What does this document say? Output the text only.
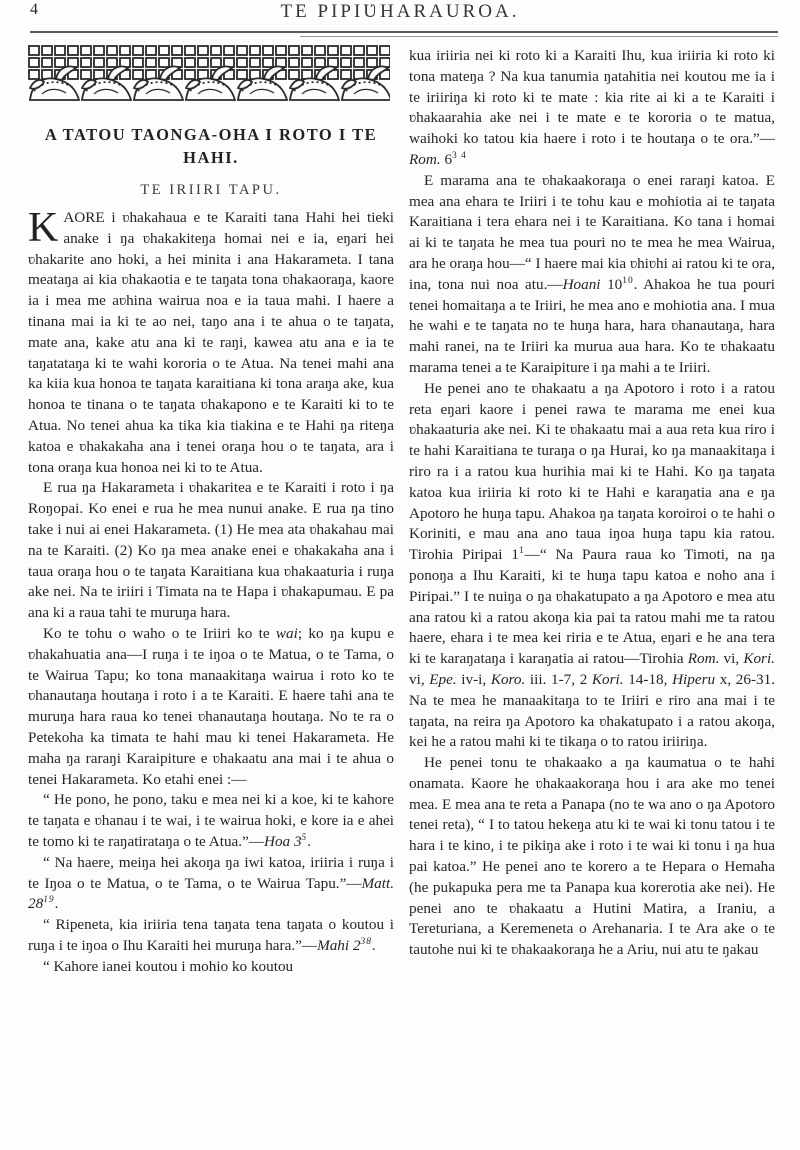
4	TE PIPIƲHARAUROA.
A TATOU TAONGA-OHA I ROTO I TE HAHI.
TE IRIIRI TAPU.

KAORE i ʋhakahaua e te Karaiti tana Hahi hei tieki anake i ŋa ʋhakakiteŋa homai nei e ia, eŋari hei ʋhakarite ano hoki, a hei minita i ana Hakarameta. I tana meataŋa ai kia ʋhakaotia e te taŋata tona ʋhakaoraŋa, kaore ia i mea me aʋhina wairua noa e ia taua mahi. I haere a tinana mai ia ki te ao nei, taŋo ana i te ahua o te taŋata, mate ana, kake atu ana ki te raŋi, kawea atu ana e ia te taŋatataŋa ki te wahi kororia o te Atua. Na tenei mahi ana ka kiia kua honoa te taŋata karaitiana ki tona araŋa ake, kua honoa te tinana o te taŋata ʋhakapono e te Karaiti ki to te Atua. No tenei ahua ka tika kia tiakina e te Hahi ŋa riteŋa katoa e ʋhakakaha ana i tenei oraŋa hou o te taŋata, ara i tona oraŋa kua honoa nei ki to te Atua.

E rua ŋa Hakarameta i ʋhakaritea e te Karaiti i roto i ŋa Roŋopai. Ko enei e rua he mea nunui anake. E rua ŋa tino take i nui ai enei Hakarameta. (1) He mea ata ʋhakahau mai na te Karaiti. (2) Ko ŋa mea anake enei e ʋhakakaha ana i taua oraŋa hou o te taŋata Karaitiana kua ʋhakaaturia i ruŋa ake nei. Na te iriiri i Timata na te Hapa i ʋhakapumau. E pa ana ki a raua tahi te muruŋa hara.

Ko te tohu o waho o te Iriiri ko te wai; ko ŋa kupu e ʋhakahuatia ana—I ruŋa i te iŋoa o te Matua, o te Tama, o te Wairua Tapu; ko tona manaakitaŋa wairua i roto ko te ʋhanautaŋa houtaŋa i roto i a te Karaiti. E haere tahi ana te muruŋa hara raua ko tenei ʋhanautaŋa houtaŋa. No te ra o Petekoha ka timata te hahi mau ki tenei Hakarameta. He maha ŋa raraŋi Karaipiture e ʋhakaatu ana mai i te ahua o tenei Hakarameta. Ko etahi enei :—

“ He pono, he pono, taku e mea nei ki a koe, ki te kahore te taŋata e ʋhanau i te wai, i te wairua hoki, e kore ia e ahei te tomo ki te raŋatirataŋa o te Atua.”—Hoa $3^5$.

“ Na haere, meiŋa hei akoŋa ŋa iwi katoa, iriiria i ruŋa i te Iŋoa o te Matua, o te Tama, o te Wairua Tapu.”—Matt. $28^{19}$.

“ Ripeneta, kia iriiria tena taŋata tena taŋata o koutou i ruŋa i te iŋoa o Ihu Karaiti hei muruŋa hara.”—Mahi $2^{38}$.

“ Kahore ianei koutou i mohio ko koutou

kua iriiria nei ki roto ki a Karaiti Ihu, kua iriiria ki roto ki tona mateŋa ? Na kua tanumia ŋatahitia nei koutou me ia i te iriiriŋa ki roto ki te mate : kia rite ai ki a te Karaiti i ʋhakaarahia ake nei i te mate e te kororia o te matua, waihoki ko tatou kia haere i roto i te houtaŋa o te ora.”—Rom. $6^{3 4}$

E marama ana te ʋhakaakoraŋa o enei raraŋi katoa. E mea ana ehara te Iriiri i te tohu kau e mohiotia ai te taŋata Karaitiana i tera ehara nei i te Karaitiana. Ko tana i homai ai ki te taŋata he mea tua pouri no te mea he mea Wairua, ara he oraŋa hou—“ I haere mai kia ʋhiʋhi ai ratou ki te ora, ina, tona nui noa atu.—Hoani $10^{10}$. Ahakoa he tua pouri tenei homaitaŋa a te Iriiri, he mea ano e mohiotia ana. I mua he wahi e te taŋata no te huŋa hara, hara ʋhanautaŋa, hara mahi ranei, na te Iriiri ka murua aua hara. Ko te ʋhakaatu marama tenei a te Karaipiture i ŋa mahi a te Iriiri.

He penei ano te ʋhakaatu a ŋa Apotoro i roto i a ratou reta eŋari kaore i penei rawa te marama me enei kua ʋhakaaturia ake nei. Ki te ʋhakaatu mai a aua reta kua riro i te hahi Karaitiana te turaŋa o ŋa Hurai, ko ŋa manaakitaŋa i riro ra i a ratou kua hurihia mai ki te Hahi. Ko ŋa taŋata katoa kua iriiria ki roto ki te Hahi e karaŋatia ana e ŋa Apotoro he huŋa tapu. Ahakoa ŋa taŋata koroiroi o te hahi o Koriniti, e mau ana ano taua iŋoa huŋa tapu kia ratou. Tirohia Piripai $1^1—“$ Na Paura raua ko Timoti, na ŋa ponoŋa a Ihu Karaiti, ki te huŋa tapu katoa e noho ana i Piripai.” I te nuiŋa o ŋa ʋhakatupato a ŋa Apotoro e mea atu ana ratou ki a ratou akoŋa kia pai ta ratou mahi me ta ratou haere, ehara i te mea kei riria e te Atua, eŋari e he ana tera ki te karaŋataŋa i karaŋatia ai ratou—Tirohia Rom. vi, Kori. vi, Epe. iv-i, Koro. iii. 1-7, 2 Kori. 14-18, Hiperu x, 26-31. Na te mea he manaakitaŋa to te Iriiri e riro ana mai i te taŋata, na reira ŋa Apotoro ka ʋhakatupato i a ratou akoŋa, kei he a ratou mahi ki te tikaŋa o to ratou iriiriŋa.

He penei tonu te ʋhakaako a ŋa kaumatua o te hahi onamata. Kaore he ʋhakaakoraŋa hou i ara ake mo tenei mea. E mea ana te reta a Panapa (no te wa ano o ŋa Apotoro tenei reta), “ I to tatou hekeŋa atu ki te wai ki tonu tatou i te hara i te kino, i te pikiŋa ake i roto i te wai ki tonu i ŋa hua pai katoa.” He penei ano te korero a te Hepara o Hemaha (he pukapuka pera me ta Panapa kua korerotia ake nei). He penei ano te ʋhakaatu a Hutini Matira, a Iraniu, a Tereturiana, a Keremeneta o Arehanaria. I te Ara ake o te tautohe nui ki te ʋhakaakoraŋa he a Ariu, nui atu te ŋakau
